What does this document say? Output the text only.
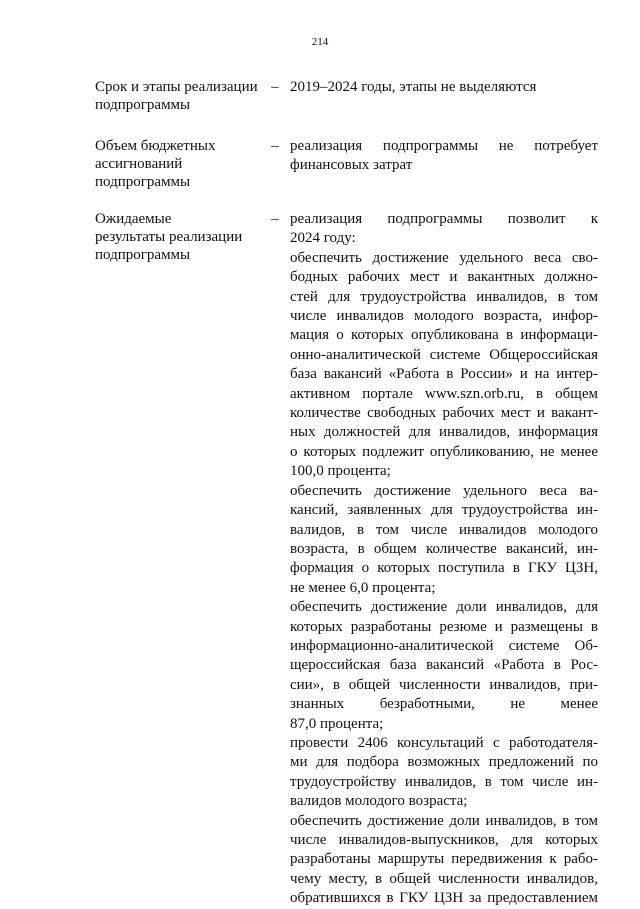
214
Срок и этапы реализации
подпрограммы
– 2019–2024 годы, этапы не выделяются
Объем бюджетных
ассигнований
подпрограммы
– реализация подпрограммы не потребует
финансовых затрат
Ожидаемые
результаты реализации
подпрограммы
– реализация подпрограммы позволит к
2024 году:
обеспечить достижение удельного веса сво-
бодных рабочих мест и вакантных должно-
стей для трудоустройства инвалидов, в том
числе инвалидов молодого возраста, инфор-
мация о которых опубликована в информаци-
онно-аналитической системе Общероссийская
база вакансий «Работа в России» и на интер-
активном портале www.szn.orb.ru, в общем
количестве свободных рабочих мест и вакант-
ных должностей для инвалидов, информация
о которых подлежит опубликованию, не менее
100,0 процента;
обеспечить достижение удельного веса ва-
кансий, заявленных для трудоустройства ин-
валидов, в том числе инвалидов молодого
возраста, в общем количестве вакансий, ин-
формация о которых поступила в ГКУ ЦЗН,
не менее 6,0 процента;
обеспечить достижение доли инвалидов, для
которых разработаны резюме и размещены в
информационно-аналитической системе Об-
щероссийская база вакансий «Работа в Рос-
сии», в общей численности инвалидов, при-
знанных безработными, не менее
87,0 процента;
провести 2406 консультаций с работодателя-
ми для подбора возможных предложений по
трудоустройству инвалидов, в том числе ин-
валидов молодого возраста;
обеспечить достижение доли инвалидов, в том
числе инвалидов-выпускников, для которых
разработаны маршруты передвижения к рабо-
чему месту, в общей численности инвалидов,
обратившихся в ГКУ ЦЗН за предоставлением
